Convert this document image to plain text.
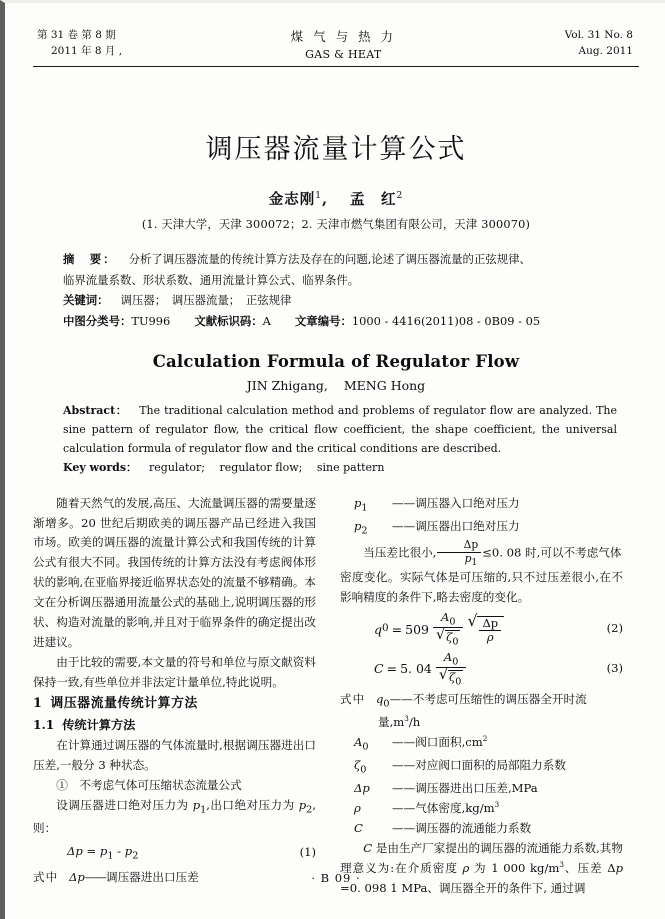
第 31 卷 第 8 期
2011 年 8 月 ,
煤 气 与 热 力
GAS & HEAT
Vol. 31 No. 8
Aug. 2011
调压器流量计算公式
金志刚$^1$, 孟　红$^2$
(1. 天津大学，天津 300072；2. 天津市燃气集团有限公司，天津 300070)
摘　要： 分析了调压器流量的传统计算方法及存在的问题,论述了调压器流量的正弦规律、
临界流量系数、形状系数、通用流量计算公式、临界条件。
关键词： 调压器；　调压器流量；　正弦规律
中图分类号：TU996 文献标识码：A 文章编号：1000 - 4416(2011)08 - 0B09 - 05
Calculation Formula of Regulator Flow
JIN Zhigang, MENG Hong

Abstract： The traditional calculation method and problems of regulator flow are analyzed. The sine pattern of regulator flow, the critical flow coefficient, the shape coefficient, the universal calculation formula of regulator flow and the critical conditions are described.

Key words： regulator;　 regulator flow;　 sine pattern

随着天然气的发展,高压、大流量调压器的需要量逐渐增多。20 世纪后期欧美的调压器产品已经进入我国市场。欧美的调压器的流量计算公式和我国传统的计算公式有很大不同。我国传统的计算方法没有考虑阀体形状的影响,在亚临界接近临界状态处的流量不够精确。本文在分析调压器通用流量公式的基础上,说明调压器的形状、构造对流量的影响,并且对于临界条件的确定提出改进建议。

由于比较的需要,本文量的符号和单位与原文献资料保持一致,有些单位并非法定计量单位,特此说明。

1 调压器流量传统计算方法

1.1 传统计算方法

在计算通过调压器的气体流量时,根据调压器进出口压差,一般分 3 种状态。

①　不考虑气体可压缩状态流量公式

设调压器进口绝对压力为 $p_1$,出口绝对压力为 $p_2$,则：

$\Delta p = p_1 - p_2$	(1)
式中 Δp——调压器进出口压差

$p_1$	——调压器入口绝对压力

$p_2$	——调压器出口绝对压力

当压差比很小, $\frac{\Delta p}{p_1} \le 0$. 08 时,可以不考虑气体

密度变化。实际气体是可压缩的,只不过压差很小,在不影响精度的条件下,略去密度的变化。

q $0 = 509 \frac{A_0}{√ \zeta_0}$ √ $\frac{\Delta p}{\rho}$	(2)
C = 5. $04 \frac{A_0}{√ \zeta_0}$	(3)
式中 $q_0——$不考虑可压缩性的调压器全开时流

量$,m^3/h$

$A_0$	——阀口面积$,cm^2$

$\zeta_0$	——对应阀口面积的局部阻力系数

Δp	——调压器进出口压差,MPa

ρ	——气体密度$,kg/m^3$

C	——调压器的流通能力系数

C 是由生产厂家提出的调压器的流通能力系数,其物理意义为:在介质密度 ρ 为 1 000 $kg/m^3$、压差 Δp =0. 098 1 MPa、调压器全开的条件下, 通过调

· B 09 ·
